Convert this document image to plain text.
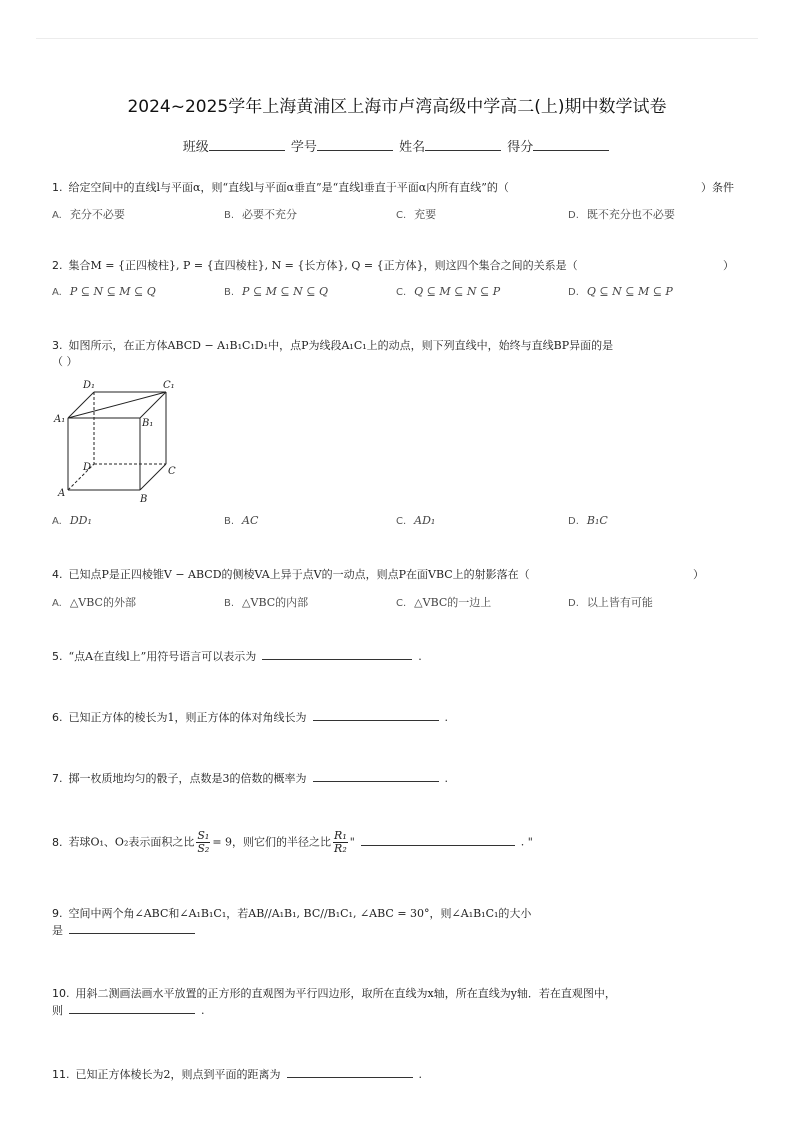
2024~2025学年上海黄浦区上海市卢湾高级中学高二(上)期中数学试卷
班级	学号	姓名	得分
1. 给定空间中的直线l与平面α，则“直线l与平面α垂直”是“直线l垂直于平面α内所有直线”的（	）条件
A. 充分不必要	B. 必要不充分	C. 充要	D. 既不充分也不必要
2. 集合M = {正四棱柱}, P = {直四棱柱}, N = {长方体}, Q = {正方体}，则这四个集合之间的关系是（	）
A. P ⊆ N ⊆ M ⊆ Q	B. P ⊆ M ⊆ N ⊆ Q	C. Q ⊆ M ⊆ N ⊆ P	D. Q ⊆ N ⊆ M ⊆ P
3. 如图所示，在正方体ABCD − A₁B₁C₁D₁中，点P为线段A₁C₁上的动点，则下列直线中，始终与直线BP异面的是
（ ）
D₁	C₁
A₁	B₁
D	C
A
B
A. DD₁	B. AC	C. AD₁	D. B₁C
4. 已知点P是正四棱锥V − ABCD的侧棱VA上异于点V的一动点，则点P在面VBC上的射影落在（	）
A. △VBC的外部	B. △VBC的内部	C. △VBC的一边上	D. 以上皆有可能
5. “点A在直线l上”用符号语言可以表示为	.
6. 已知正方体的棱长为1，则正方体的体对角线长为	.
7. 掷一枚质地均匀的骰子，点数是3的倍数的概率为	.
8. 若球O₁、O₂表示面积之比 $\frac{\text{S₁}}{\text{S₂}} = 9$，则它们的半径之比 $\frac{\text{R₁}}{\text{R₂}}$ "	. "
9. 空间中两个角∠ABC和∠A₁B₁C₁，若AB//A₁B₁, BC//B₁C₁, ∠ABC = 30°，则∠A₁B₁C₁的大小
是
10. 用斜二测画法画水平放置的正方形的直观图为平行四边形，取所在直线为x轴，所在直线为y轴．若在直观图中，
则	.
11. 已知正方体棱长为2，则点到平面的距离为	.
